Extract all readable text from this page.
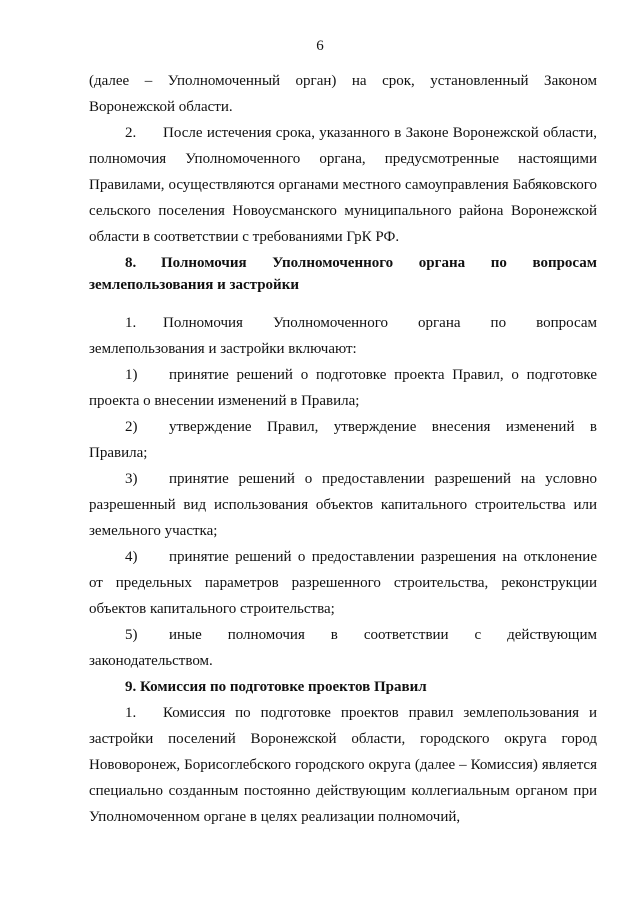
6

(далее – Уполномоченный орган) на срок, установленный Законом Воронежской области.

2. После истечения срока, указанного в Законе Воронежской области, полномочия Уполномоченного органа, предусмотренные настоящими Правилами, осуществляются органами местного самоуправления Бабяковского сельского поселения Новоусманского муниципального района Воронежской области в соответствии с требованиями ГрК РФ.

8. Полномочия Уполномоченного органа по вопросам землепользования и застройки

1. Полномочия Уполномоченного органа по вопросам землепользования и застройки включают:

1) принятие решений о подготовке проекта Правил, о подготовке проекта о внесении изменений в Правила;

2) утверждение Правил, утверждение внесения изменений в Правила;

3) принятие решений о предоставлении разрешений на условно разрешенный вид использования объектов капитального строительства или земельного участка;

4) принятие решений о предоставлении разрешения на отклонение от предельных параметров разрешенного строительства, реконструкции объектов капитального строительства;

5) иные полномочия в соответствии с действующим законодательством.

9. Комиссия по подготовке проектов Правил

1. Комиссия по подготовке проектов правил землепользования и застройки поселений Воронежской области, городского округа город Нововоронеж, Борисоглебского городского округа (далее – Комиссия) является специально созданным постоянно действующим коллегиальным органом при Уполномоченном органе в целях реализации полномочий,
